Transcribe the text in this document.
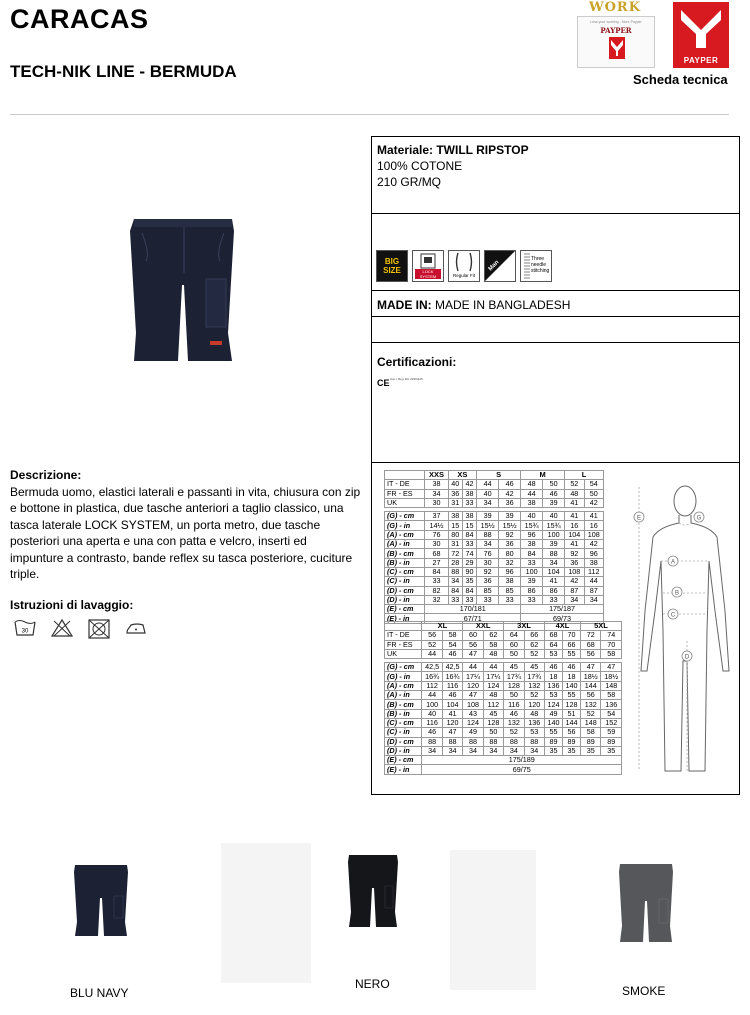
CARACAS
TECH-NIK LINE - BERMUDA
WORK
Less your working - More Payper
PAYPER
PAYPER
Scheda tecnica
Descrizione:
Bermuda uomo, elastici laterali e passanti in vita, chiusura con zip e bottone in plastica, due tasche anteriori a taglio classico, una tasca laterale LOCK SYSTEM, un porta metro, due tasche posteriori una aperta e una con patta e velcro, inserti ed impunture a contrasto, bande reflex su tasca posteriore, cuciture triple.
Istruzioni di lavaggio:
30
Materiale: TWILL RIPSTOP
100% COTONE
210 GR/MQ
BIG SIZE	LOCK SYSTEM	Regular Fit
Man
Three needle stitching
MADE IN: MADE IN BANGLADESH
Certificazioni:
CE Cat. I Reg. EU 2016/425
	XXS	XS		S		M		L	
IT - DE	38	40	42	44	46	48	50	52	54
FR - ES	34	36	38	40	42	44	46	48	50
UK	30	31	33	34	36	38	39	41	42

(G) - cm	37	38	38	39	39	40	40	41	41
(G) - in	14½	15	15	15½	15½	15¾	15¾	16	16
(A) - cm	76	80	84	88	92	96	100	104	108
(A) - in	30	31	33	34	36	38	39	41	42
(B) - cm	68	72	74	76	80	84	88	92	96
(B) - in	27	28	29	30	32	33	34	36	38
(C) - cm	84	88	90	92	96	100	104	108	112
(C) - in	33	34	35	36	38	39	41	42	44
(D) - cm	82	84	84	85	85	86	86	87	87
(D) - in	32	33	33	33	33	33	33	34	34
(E) - cm	170/181					175/187			
(E) - in	67/71					69/73			
	XL		XXL		3XL		4XL		5XL	
IT - DE	56	58	60	62	64	66	68	70	72	74
FR - ES	52	54	56	58	60	62	64	66	68	70
UK	44	46	47	48	50	52	53	55	56	58

(G) - cm	42,5	42,5	44	44	45	45	46	46	47	47
(G) - in	16¾	16¾	17¼	17¼	17¾	17¾	18	18	18½	18½
(A) - cm	112	116	120	124	128	132	136	140	144	148
(A) - in	44	46	47	48	50	52	53	55	56	58
(B) - cm	100	104	108	112	116	120	124	128	132	136
(B) - in	40	41	43	45	46	48	49	51	52	54
(C) - cm	116	120	124	128	132	136	140	144	148	152
(C) - in	46	47	49	50	52	53	55	56	58	59
(D) - cm	88	88	88	88	88	88	89	89	89	89
(D) - in	34	34	34	34	34	34	35	35	35	35
(E) - cm	175/189									
(E) - in	69/75									
E	G
A
B
C
D
BLU NAVY
NERO	SMOKE
